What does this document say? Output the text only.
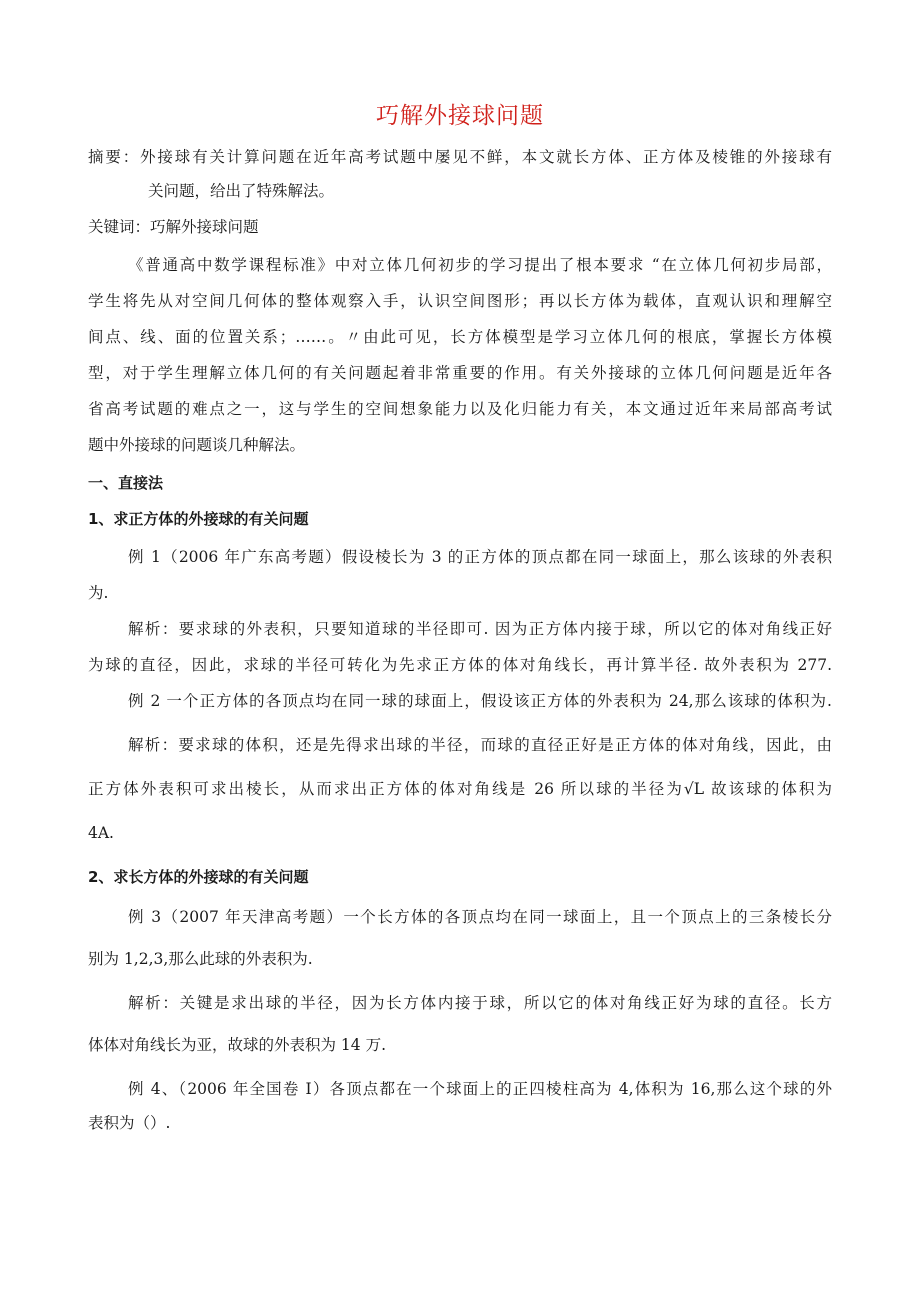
巧解外接球问题

摘要：外接球有关计算问题在近年高考试题中屡见不鲜，本文就长方体、正方体及棱锥的外接球有

关问题，给出了特殊解法。

关键词：巧解外接球问题

《普通高中数学课程标准》中对立体几何初步的学习提出了根本要求 “在立体几何初步局部，

学生将先从对空间几何体的整体观察入手，认识空间图形；再以长方体为载体，直观认识和理解空

间点、线、面的位置关系；……。〃由此可见，长方体模型是学习立体几何的根底，掌握长方体模

型，对于学生理解立体几何的有关问题起着非常重要的作用。有关外接球的立体几何问题是近年各

省高考试题的难点之一，这与学生的空间想象能力以及化归能力有关，本文通过近年来局部高考试

题中外接球的问题谈几种解法。

一、直接法

1、求正方体的外接球的有关问题

例 1（2006 年广东高考题）假设棱长为 3 的正方体的顶点都在同一球面上，那么该球的外表积

为.

解析：要求球的外表积，只要知道球的半径即可. 因为正方体内接于球，所以它的体对角线正好

为球的直径，因此，求球的半径可转化为先求正方体的体对角线长，再计算半径. 故外表积为 277.

例 2 一个正方体的各顶点均在同一球的球面上，假设该正方体的外表积为 24,那么该球的体积为.

解析：要求球的体积，还是先得求出球的半径，而球的直径正好是正方体的体对角线，因此，由

正方体外表积可求出棱长，从而求出正方体的体对角线是 26 所以球的半径为√L 故该球的体积为

4A.

2、求长方体的外接球的有关问题

例 3（2007 年天津高考题）一个长方体的各顶点均在同一球面上，且一个顶点上的三条棱长分

别为 1,2,3,那么此球的外表积为.

解析：关键是求出球的半径，因为长方体内接于球，所以它的体对角线正好为球的直径。长方

体体对角线长为亚，故球的外表积为 14 万.

例 4、（2006 年全国卷 I）各顶点都在一个球面上的正四棱柱高为 4,体积为 16,那么这个球的外

表积为（）.
